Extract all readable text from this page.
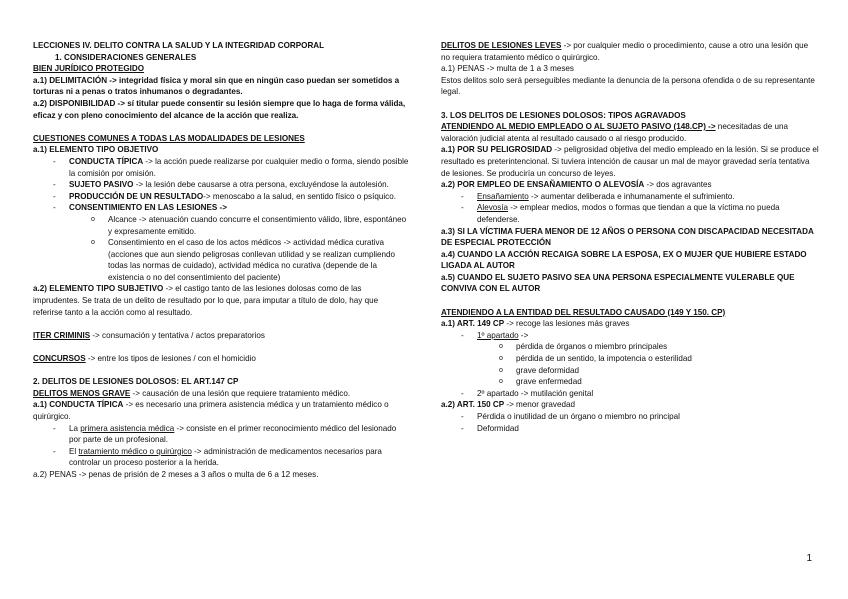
LECCIONES IV. DELITO CONTRA LA SALUD Y LA INTEGRIDAD CORPORAL

1. CONSIDERACIONES GENERALES

BIEN JURÍDICO PROTEGIDO

a.1) DELIMITACIÓN -> integridad física y moral sin que en ningún caso puedan ser sometidos a torturas ni a penas o tratos inhumanos o degradantes.

a.2) DISPONIBILIDAD -> sí titular puede consentir su lesión siempre que lo haga de forma válida, eficaz y con pleno conocimiento del alcance de la acción que realiza.

CUESTIONES COMUNES A TODAS LAS MODALIDADES DE LESIONES

a.1) ELEMENTO TIPO OBJETIVO

- CONDUCTA TÍPICA -> la acción puede realizarse por cualquier medio o forma, siendo posible la comisión por omisión.

- SUJETO PASIVO -> la lesión debe causarse a otra persona, excluyéndose la autolesión.

- PRODUCCIÓN DE UN RESULTADO-> menoscabo a la salud, en sentido físico o psíquico.

- CONSENTIMIENTO EN LAS LESIONES ->

o Alcance -> atenuación cuando concurre el consentimiento válido, libre, espontáneo y expresamente emitido.

o Consentimiento en el caso de los actos médicos -> actividad médica curativa (acciones que aun siendo peligrosas conllevan utilidad y se realizan cumpliendo todas las normas de cuidado), actividad médica no curativa (depende de la existencia o no del consentimiento del paciente)

a.2) ELEMENTO TIPO SUBJETIVO -> el castigo tanto de las lesiones dolosas como de las imprudentes. Se trata de un delito de resultado por lo que, para imputar a título de dolo, hay que referirse tanto a la acción como al resultado.

ITER CRIMINIS -> consumación y tentativa / actos preparatorios

CONCURSOS -> entre los tipos de lesiones / con el homicidio

2. DELITOS DE LESIONES DOLOSOS: EL ART.147 CP

DELITOS MENOS GRAVE -> causación de una lesión que requiere tratamiento médico.

a.1) CONDUCTA TÍPICA -> es necesario una primera asistencia médica y un tratamiento médico o quirúrgico.

- La primera asistencia médica -> consiste en el primer reconocimiento médico del lesionado por parte de un profesional.

- El tratamiento médico o quirúrgico -> administración de medicamentos necesarios para controlar un proceso posterior a la herida.

a.2) PENAS -> penas de prisión de 2 meses a 3 años o multa de 6 a 12 meses.

DELITOS DE LESIONES LEVES -> por cualquier medio o procedimiento, cause a otro una lesión que no requiera tratamiento médico o quirúrgico.

a.1) PENAS -> multa de 1 a 3 meses

Estos delitos solo será perseguibles mediante la denuncia de la persona ofendida o de su representante legal.

3. LOS DELITOS DE LESIONES DOLOSOS: TIPOS AGRAVADOS

ATENDIENDO AL MEDIO EMPLEADO O AL SUJETO PASIVO (148.CP) -> necesitadas de una valoración judicial atenta al resultado causado o al riesgo producido.

a.1) POR SU PELIGROSIDAD -> peligrosidad objetiva del medio empleado en la lesión. Si se produce el resultado es preterintencional. Si tuviera intención de causar un mal de mayor gravedad sería tentativa de lesiones. Se produciría un concurso de leyes.

a.2) POR EMPLEO DE ENSAÑAMIENTO O ALEVOSÍA -> dos agravantes

- Ensañamiento -> aumentar deliberada e inhumanamente el sufrimiento.

- Alevosía -> emplear medios, modos o formas que tiendan a que la víctima no pueda defenderse.

a.3) SI LA VÍCTIMA FUERA MENOR DE 12 AÑOS O PERSONA CON DISCAPACIDAD NECESITADA DE ESPECIAL PROTECCIÓN

a.4) CUANDO LA ACCIÓN RECAIGA SOBRE LA ESPOSA, EX O MUJER QUE HUBIERE ESTADO LIGADA AL AUTOR

a.5) CUANDO EL SUJETO PASIVO SEA UNA PERSONA ESPECIALMENTE VULERABLE QUE CONVIVA CON EL AUTOR

ATENDIENDO A LA ENTIDAD DEL RESULTADO CAUSADO (149 Y 150. CP)

a.1) ART. 149 CP -> recoge las lesiones más graves

- 1º apartado ->

o pérdida de órganos o miembro principales

o pérdida de un sentido, la impotencia o esterilidad

o grave deformidad

o grave enfermedad

- 2º apartado -> mutilación genital

a.2) ART. 150 CP -> menor gravedad

- Pérdida o inutilidad de un órgano o miembro no principal

- Deformidad

1
